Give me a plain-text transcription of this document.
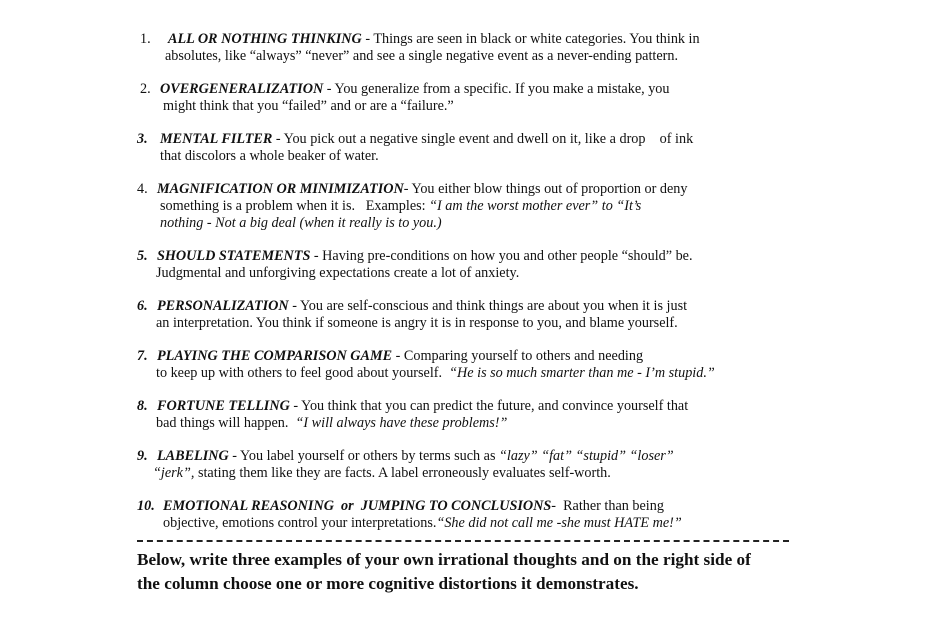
1. ALL OR NOTHING THINKING - Things are seen in black or white categories. You think in
absolutes, like “always” “never” and see a single negative event as a never-ending pattern.
2. OVERGENERALIZATION - You generalize from a specific. If you make a mistake, you
might think that you “failed” and or are a “failure.”
3. MENTAL FILTER - You pick out a negative single event and dwell on it, like a drop    of ink
that discolors a whole beaker of water.
4. MAGNIFICATION OR MINIMIZATION- You either blow things out of proportion or deny
something is a problem when it is.   Examples: “I am the worst mother ever” to “It’s
nothing - Not a big deal (when it really is to you.)
5. SHOULD STATEMENTS - Having pre-conditions on how you and other people “should” be.
Judgmental and unforgiving expectations create a lot of anxiety.
6. PERSONALIZATION - You are self-conscious and think things are about you when it is just
an interpretation. You think if someone is angry it is in response to you, and blame yourself.
7. PLAYING THE COMPARISON GAME - Comparing yourself to others and needing
to keep up with others to feel good about yourself.  “He is so much smarter than me - I’m stupid.”
8. FORTUNE TELLING - You think that you can predict the future, and convince yourself that
bad things will happen.  “I will always have these problems!”
9. LABELING - You label yourself or others by terms such as “lazy” “fat” “stupid” “loser”
“jerk”, stating them like they are facts. A label erroneously evaluates self-worth.
10. EMOTIONAL REASONING  or  JUMPING TO CONCLUSIONS-  Rather than being
objective, emotions control your interpretations.“She did not call me -she must HATE me!”
Below, write three examples of your own irrational thoughts and on the right side of
the column choose one or more cognitive distortions it demonstrates.
